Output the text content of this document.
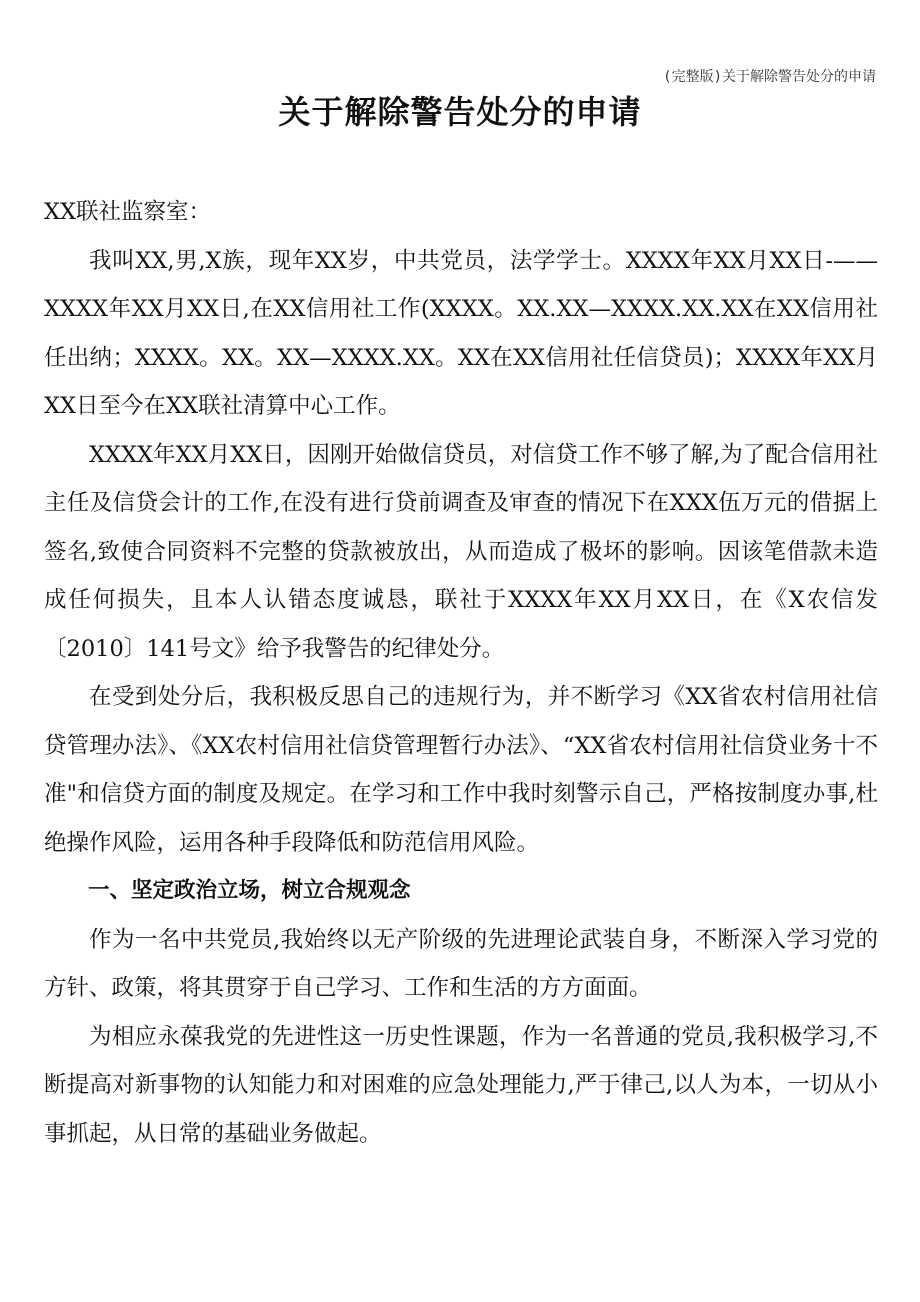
(完整版)关于解除警告处分的申请
关于解除警告处分的申请

XX联社监察室：

我叫XX,男,X族，现年XX岁，中共党员，法学学士。XXXX年XX月XX日-——XXXX年XX月XX日,在XX信用社工作(XXXX。XX.XX—XXXX.XX.XX在XX信用社任出纳；XXXX。XX。XX—XXXX.XX。XX在XX信用社任信贷员)；XXXX年XX月XX日至今在XX联社清算中心工作。

XXXX年XX月XX日，因刚开始做信贷员，对信贷工作不够了解,为了配合信用社主任及信贷会计的工作,在没有进行贷前调查及审查的情况下在XXX伍万元的借据上签名,致使合同资料不完整的贷款被放出，从而造成了极坏的影响。因该笔借款未造成任何损失，且本人认错态度诚恳，联社于XXXX年XX月XX日，在《X农信发〔2010〕141号文》给予我警告的纪律处分。

在受到处分后，我积极反思自己的违规行为，并不断学习《XX省农村信用社信贷管理办法》、《XX农村信用社信贷管理暂行办法》、“XX省农村信用社信贷业务十不准"和信贷方面的制度及规定。在学习和工作中我时刻警示自己，严格按制度办事,杜绝操作风险，运用各种手段降低和防范信用风险。

一、坚定政治立场，树立合规观念

作为一名中共党员,我始终以无产阶级的先进理论武装自身，不断深入学习党的方针、政策，将其贯穿于自己学习、工作和生活的方方面面。

为相应永葆我党的先进性这一历史性课题，作为一名普通的党员,我积极学习,不断提高对新事物的认知能力和对困难的应急处理能力,严于律己,以人为本，一切从小事抓起，从日常的基础业务做起。
